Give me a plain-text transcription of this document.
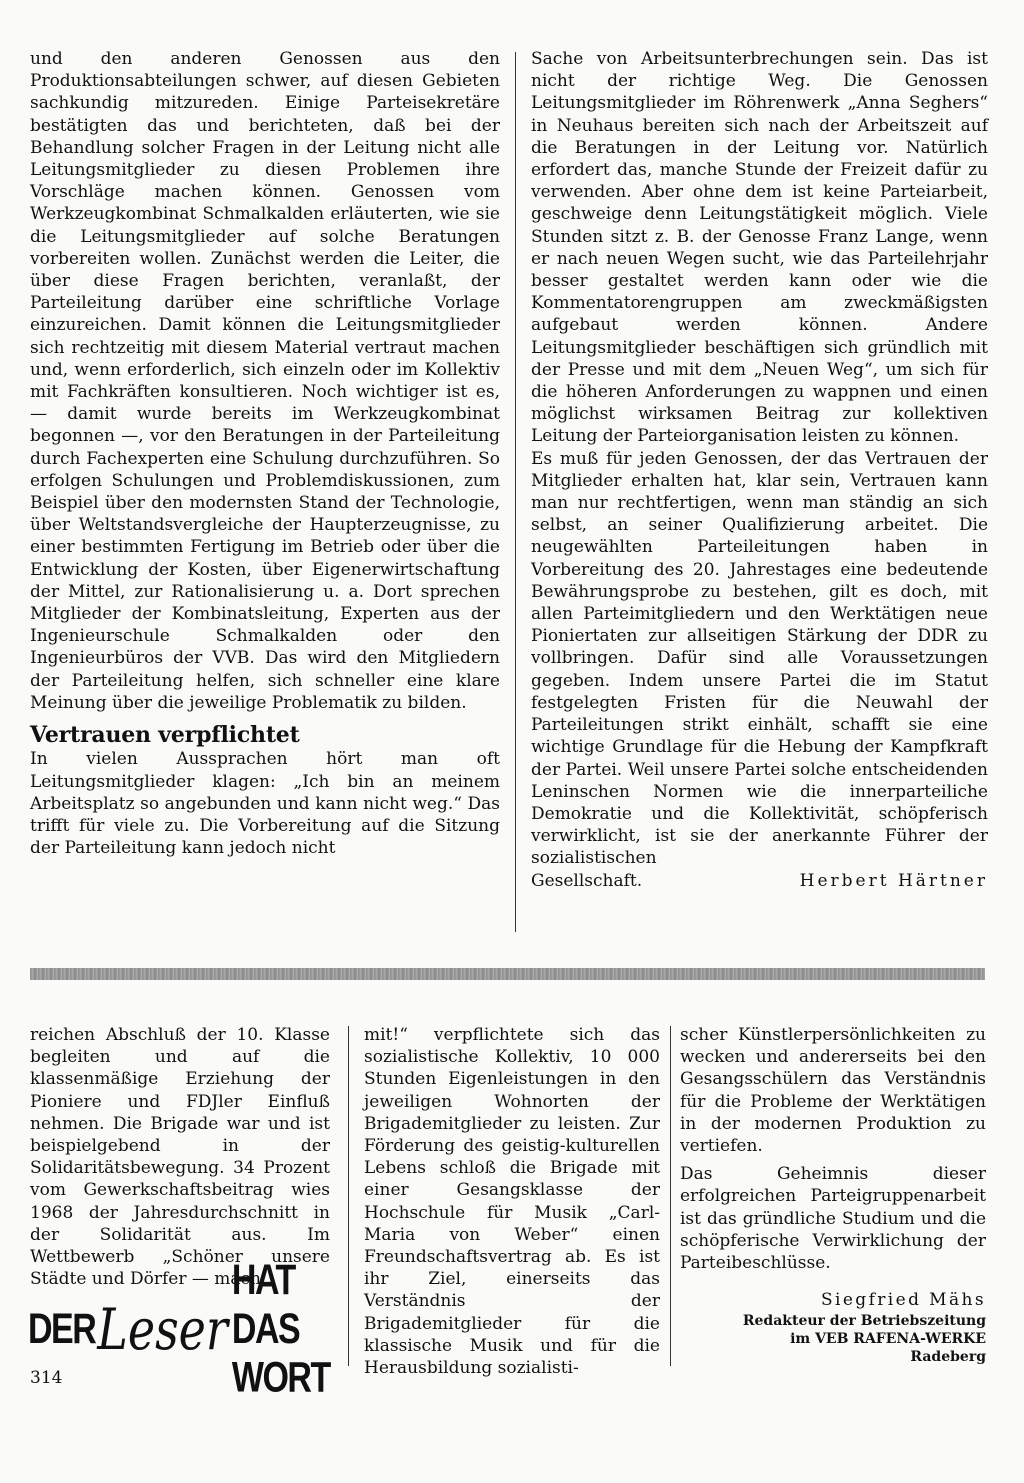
und den anderen Genossen aus den Produktionsabteilungen schwer, auf diesen Gebieten sachkundig mitzureden. Einige Parteisekretäre bestätigten das und berichteten, daß bei der Behandlung solcher Fragen in der Leitung nicht alle Leitungsmitglieder zu diesen Problemen ihre Vorschläge machen können. Genossen vom Werkzeugkombinat Schmalkalden erläuterten, wie sie die Leitungsmitglieder auf solche Beratungen vorbereiten wollen. Zunächst werden die Leiter, die über diese Fragen berichten, veranlaßt, der Parteileitung darüber eine schriftliche Vorlage einzureichen. Damit können die Leitungsmitglieder sich rechtzeitig mit diesem Material vertraut machen und, wenn erforderlich, sich einzeln oder im Kollektiv mit Fachkräften konsultieren. Noch wichtiger ist es, — damit wurde bereits im Werkzeugkombinat begonnen —, vor den Beratungen in der Parteileitung durch Fachexperten eine Schulung durchzuführen. So erfolgen Schulungen und Problemdiskussionen, zum Beispiel über den modernsten Stand der Technologie, über Weltstandsvergleiche der Haupterzeugnisse, zu einer bestimmten Fertigung im Betrieb oder über die Entwicklung der Kosten, über Eigenerwirtschaftung der Mittel, zur Rationalisierung u. a. Dort sprechen Mitglieder der Kombinatsleitung, Experten aus der Ingenieurschule Schmalkalden oder den Ingenieurbüros der VVB. Das wird den Mitgliedern der Parteileitung helfen, sich schneller eine klare Meinung über die jeweilige Problematik zu bilden.

Vertrauen verpflichtet

In vielen Aussprachen hört man oft Leitungsmitglieder klagen: „Ich bin an meinem Arbeitsplatz so angebunden und kann nicht weg.“ Das trifft für viele zu. Die Vorbereitung auf die Sitzung der Parteileitung kann jedoch nicht

Sache von Arbeitsunterbrechungen sein. Das ist nicht der richtige Weg. Die Genossen Leitungsmitglieder im Röhrenwerk „Anna Seghers“ in Neuhaus bereiten sich nach der Arbeitszeit auf die Beratungen in der Leitung vor. Natürlich erfordert das, manche Stunde der Freizeit dafür zu verwenden. Aber ohne dem ist keine Parteiarbeit, geschweige denn Leitungstätigkeit möglich. Viele Stunden sitzt z. B. der Genosse Franz Lange, wenn er nach neuen Wegen sucht, wie das Parteilehrjahr besser gestaltet werden kann oder wie die Kommentatorengruppen am zweckmäßigsten aufgebaut werden können. Andere Leitungsmitglieder beschäftigen sich gründlich mit der Presse und mit dem „Neuen Weg“, um sich für die höheren Anforderungen zu wappnen und einen möglichst wirksamen Beitrag zur kollektiven Leitung der Parteiorganisation leisten zu können.

Es muß für jeden Genossen, der das Vertrauen der Mitglieder erhalten hat, klar sein, Vertrauen kann man nur rechtfertigen, wenn man ständig an sich selbst, an seiner Qualifizierung arbeitet. Die neugewählten Parteileitungen haben in Vorbereitung des 20. Jahrestages eine bedeutende Bewährungsprobe zu bestehen, gilt es doch, mit allen Parteimitgliedern und den Werktätigen neue Pioniertaten zur allseitigen Stärkung der DDR zu vollbringen. Dafür sind alle Voraussetzungen gegeben. Indem unsere Partei die im Statut festgelegten Fristen für die Neuwahl der Parteileitungen strikt einhält, schafft sie eine wichtige Grundlage für die Hebung der Kampfkraft der Partei. Weil unsere Partei solche entscheidenden Leninschen Normen wie die innerparteiliche Demokratie und die Kollektivität, schöpferisch verwirklicht, ist sie der anerkannte Führer der sozialistischen

Gesellschaft.	Herbert Härtner

reichen Abschluß der 10. Klasse begleiten und auf die klassenmäßige Erziehung der Pioniere und FDJler Einfluß nehmen. Die Brigade war und ist beispielgebend in der Solidaritätsbewegung. 34 Prozent vom Gewerkschaftsbeitrag wies 1968 der Jahresdurchschnitt in der Solidarität aus. Im Wettbewerb „Schöner unsere Städte und Dörfer — mach

mit!“ verpflichtete sich das sozialistische Kollektiv, 10 000 Stunden Eigenleistungen in den jeweiligen Wohnorten der Brigademitglieder zu leisten. Zur Förderung des geistig-kulturellen Lebens schloß die Brigade mit einer Gesangsklasse der Hochschule für Musik „Carl-Maria von Weber“ einen Freundschaftsvertrag ab. Es ist ihr Ziel, einerseits das Verständnis der Brigademitglieder für die klassische Musik und für die Herausbildung sozialisti-

scher Künstlerpersönlichkeiten zu wecken und andererseits bei den Gesangsschülern das Verständnis für die Probleme der Werktätigen in der modernen Produktion zu vertiefen.

Das Geheimnis dieser erfolgreichen Parteigruppenarbeit ist das gründliche Studium und die schöpferische Verwirklichung der Parteibeschlüsse.

Siegfried Mähs
Redakteur der Betriebszeitung
im VEB RAFENA-WERKE
Radeberg
DER Leser
HAT DAS WORT
314
